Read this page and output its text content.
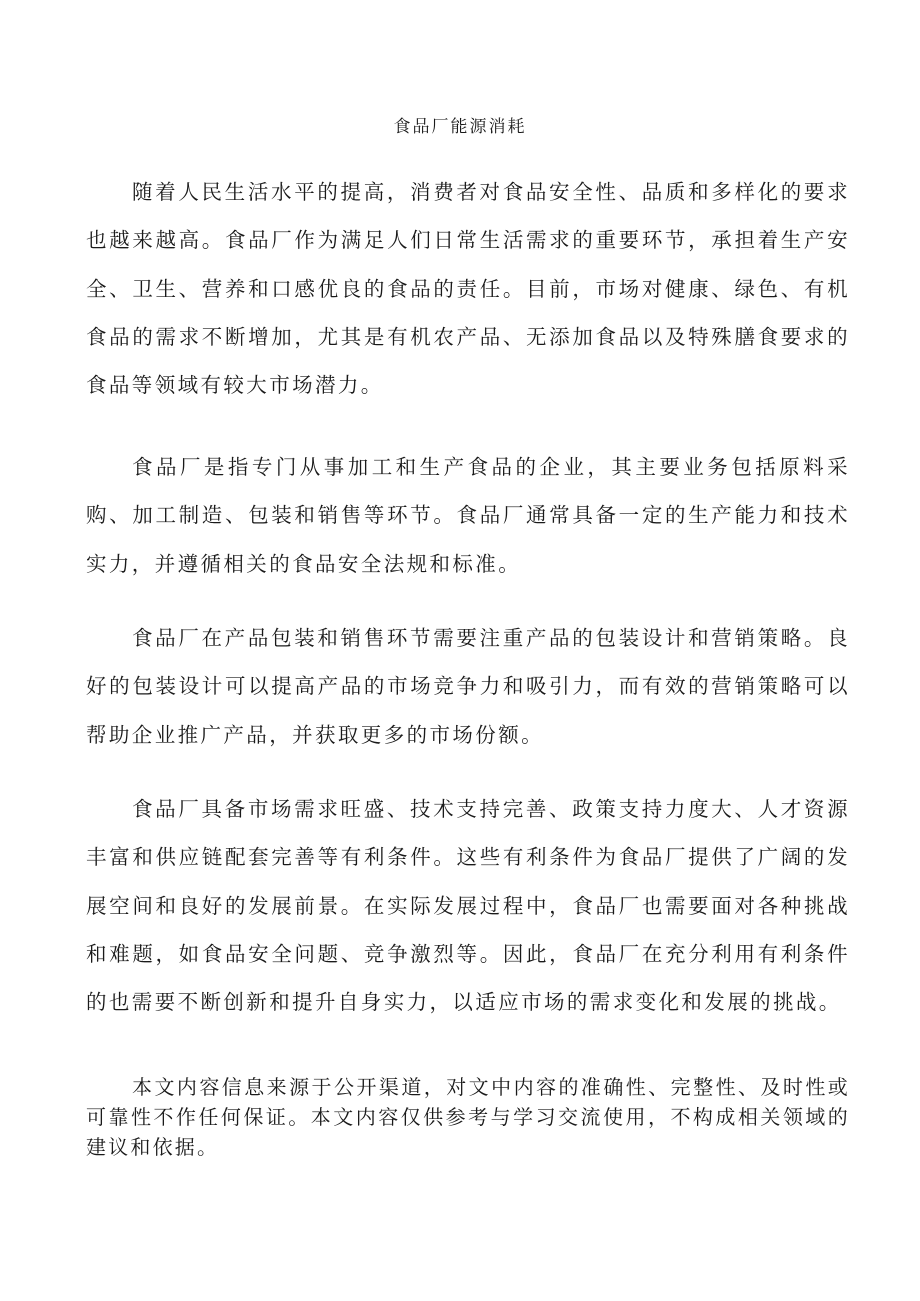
食品厂能源消耗

随着人民生活水平的提高，消费者对食品安全性、品质和多样化的要求也越来越高。食品厂作为满足人们日常生活需求的重要环节，承担着生产安全、卫生、营养和口感优良的食品的责任。目前，市场对健康、绿色、有机食品的需求不断增加，尤其是有机农产品、无添加食品以及特殊膳食要求的食品等领域有较大市场潜力。

食品厂是指专门从事加工和生产食品的企业，其主要业务包括原料采购、加工制造、包装和销售等环节。食品厂通常具备一定的生产能力和技术实力，并遵循相关的食品安全法规和标准。

食品厂在产品包装和销售环节需要注重产品的包装设计和营销策略。良好的包装设计可以提高产品的市场竞争力和吸引力，而有效的营销策略可以帮助企业推广产品，并获取更多的市场份额。

食品厂具备市场需求旺盛、技术支持完善、政策支持力度大、人才资源丰富和供应链配套完善等有利条件。这些有利条件为食品厂提供了广阔的发展空间和良好的发展前景。在实际发展过程中，食品厂也需要面对各种挑战和难题，如食品安全问题、竞争激烈等。因此，食品厂在充分利用有利条件的也需要不断创新和提升自身实力，以适应市场的需求变化和发展的挑战。

本文内容信息来源于公开渠道，对文中内容的准确性、完整性、及时性或可靠性不作任何保证。本文内容仅供参考与学习交流使用，不构成相关领域的建议和依据。
